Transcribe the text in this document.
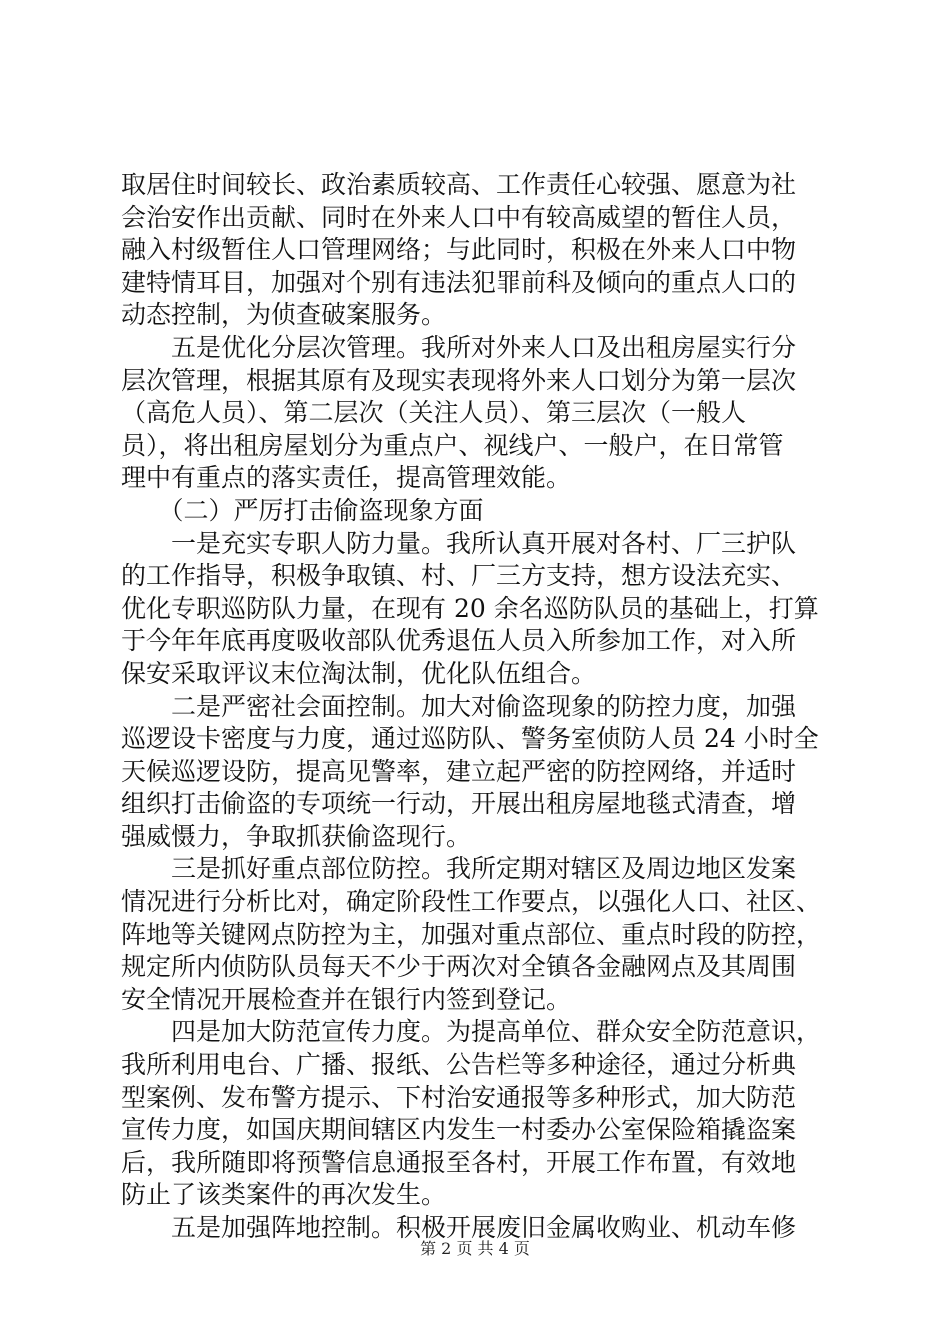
取居住时间较长、政治素质较高、工作责任心较强、愿意为社
会治安作出贡献、同时在外来人口中有较高威望的暂住人员，
融入村级暂住人口管理网络；与此同时，积极在外来人口中物
建特情耳目，加强对个别有违法犯罪前科及倾向的重点人口的
动态控制，为侦查破案服务。
　　五是优化分层次管理。我所对外来人口及出租房屋实行分
层次管理，根据其原有及现实表现将外来人口划分为第一层次
（高危人员）、第二层次（关注人员）、第三层次（一般人
员），将出租房屋划分为重点户、视线户、一般户，在日常管
理中有重点的落实责任，提高管理效能。
　　（二）严厉打击偷盗现象方面
　　一是充实专职人防力量。我所认真开展对各村、厂三护队
的工作指导，积极争取镇、村、厂三方支持，想方设法充实、
优化专职巡防队力量，在现有 20 余名巡防队员的基础上，打算
于今年年底再度吸收部队优秀退伍人员入所参加工作，对入所
保安采取评议末位淘汰制，优化队伍组合。
　　二是严密社会面控制。加大对偷盗现象的防控力度，加强
巡逻设卡密度与力度，通过巡防队、警务室侦防人员 24 小时全
天候巡逻设防，提高见警率，建立起严密的防控网络，并适时
组织打击偷盗的专项统一行动，开展出租房屋地毯式清查，增
强威慑力，争取抓获偷盗现行。
　　三是抓好重点部位防控。我所定期对辖区及周边地区发案
情况进行分析比对，确定阶段性工作要点，以强化人口、社区、
阵地等关键网点防控为主，加强对重点部位、重点时段的防控，
规定所内侦防队员每天不少于两次对全镇各金融网点及其周围
安全情况开展检查并在银行内签到登记。
　　四是加大防范宣传力度。为提高单位、群众安全防范意识，
我所利用电台、广播、报纸、公告栏等多种途径，通过分析典
型案例、发布警方提示、下村治安通报等多种形式，加大防范
宣传力度，如国庆期间辖区内发生一村委办公室保险箱撬盗案
后，我所随即将预警信息通报至各村，开展工作布置，有效地
防止了该类案件的再次发生。
　　五是加强阵地控制。积极开展废旧金属收购业、机动车修
第 2 页 共 4 页
